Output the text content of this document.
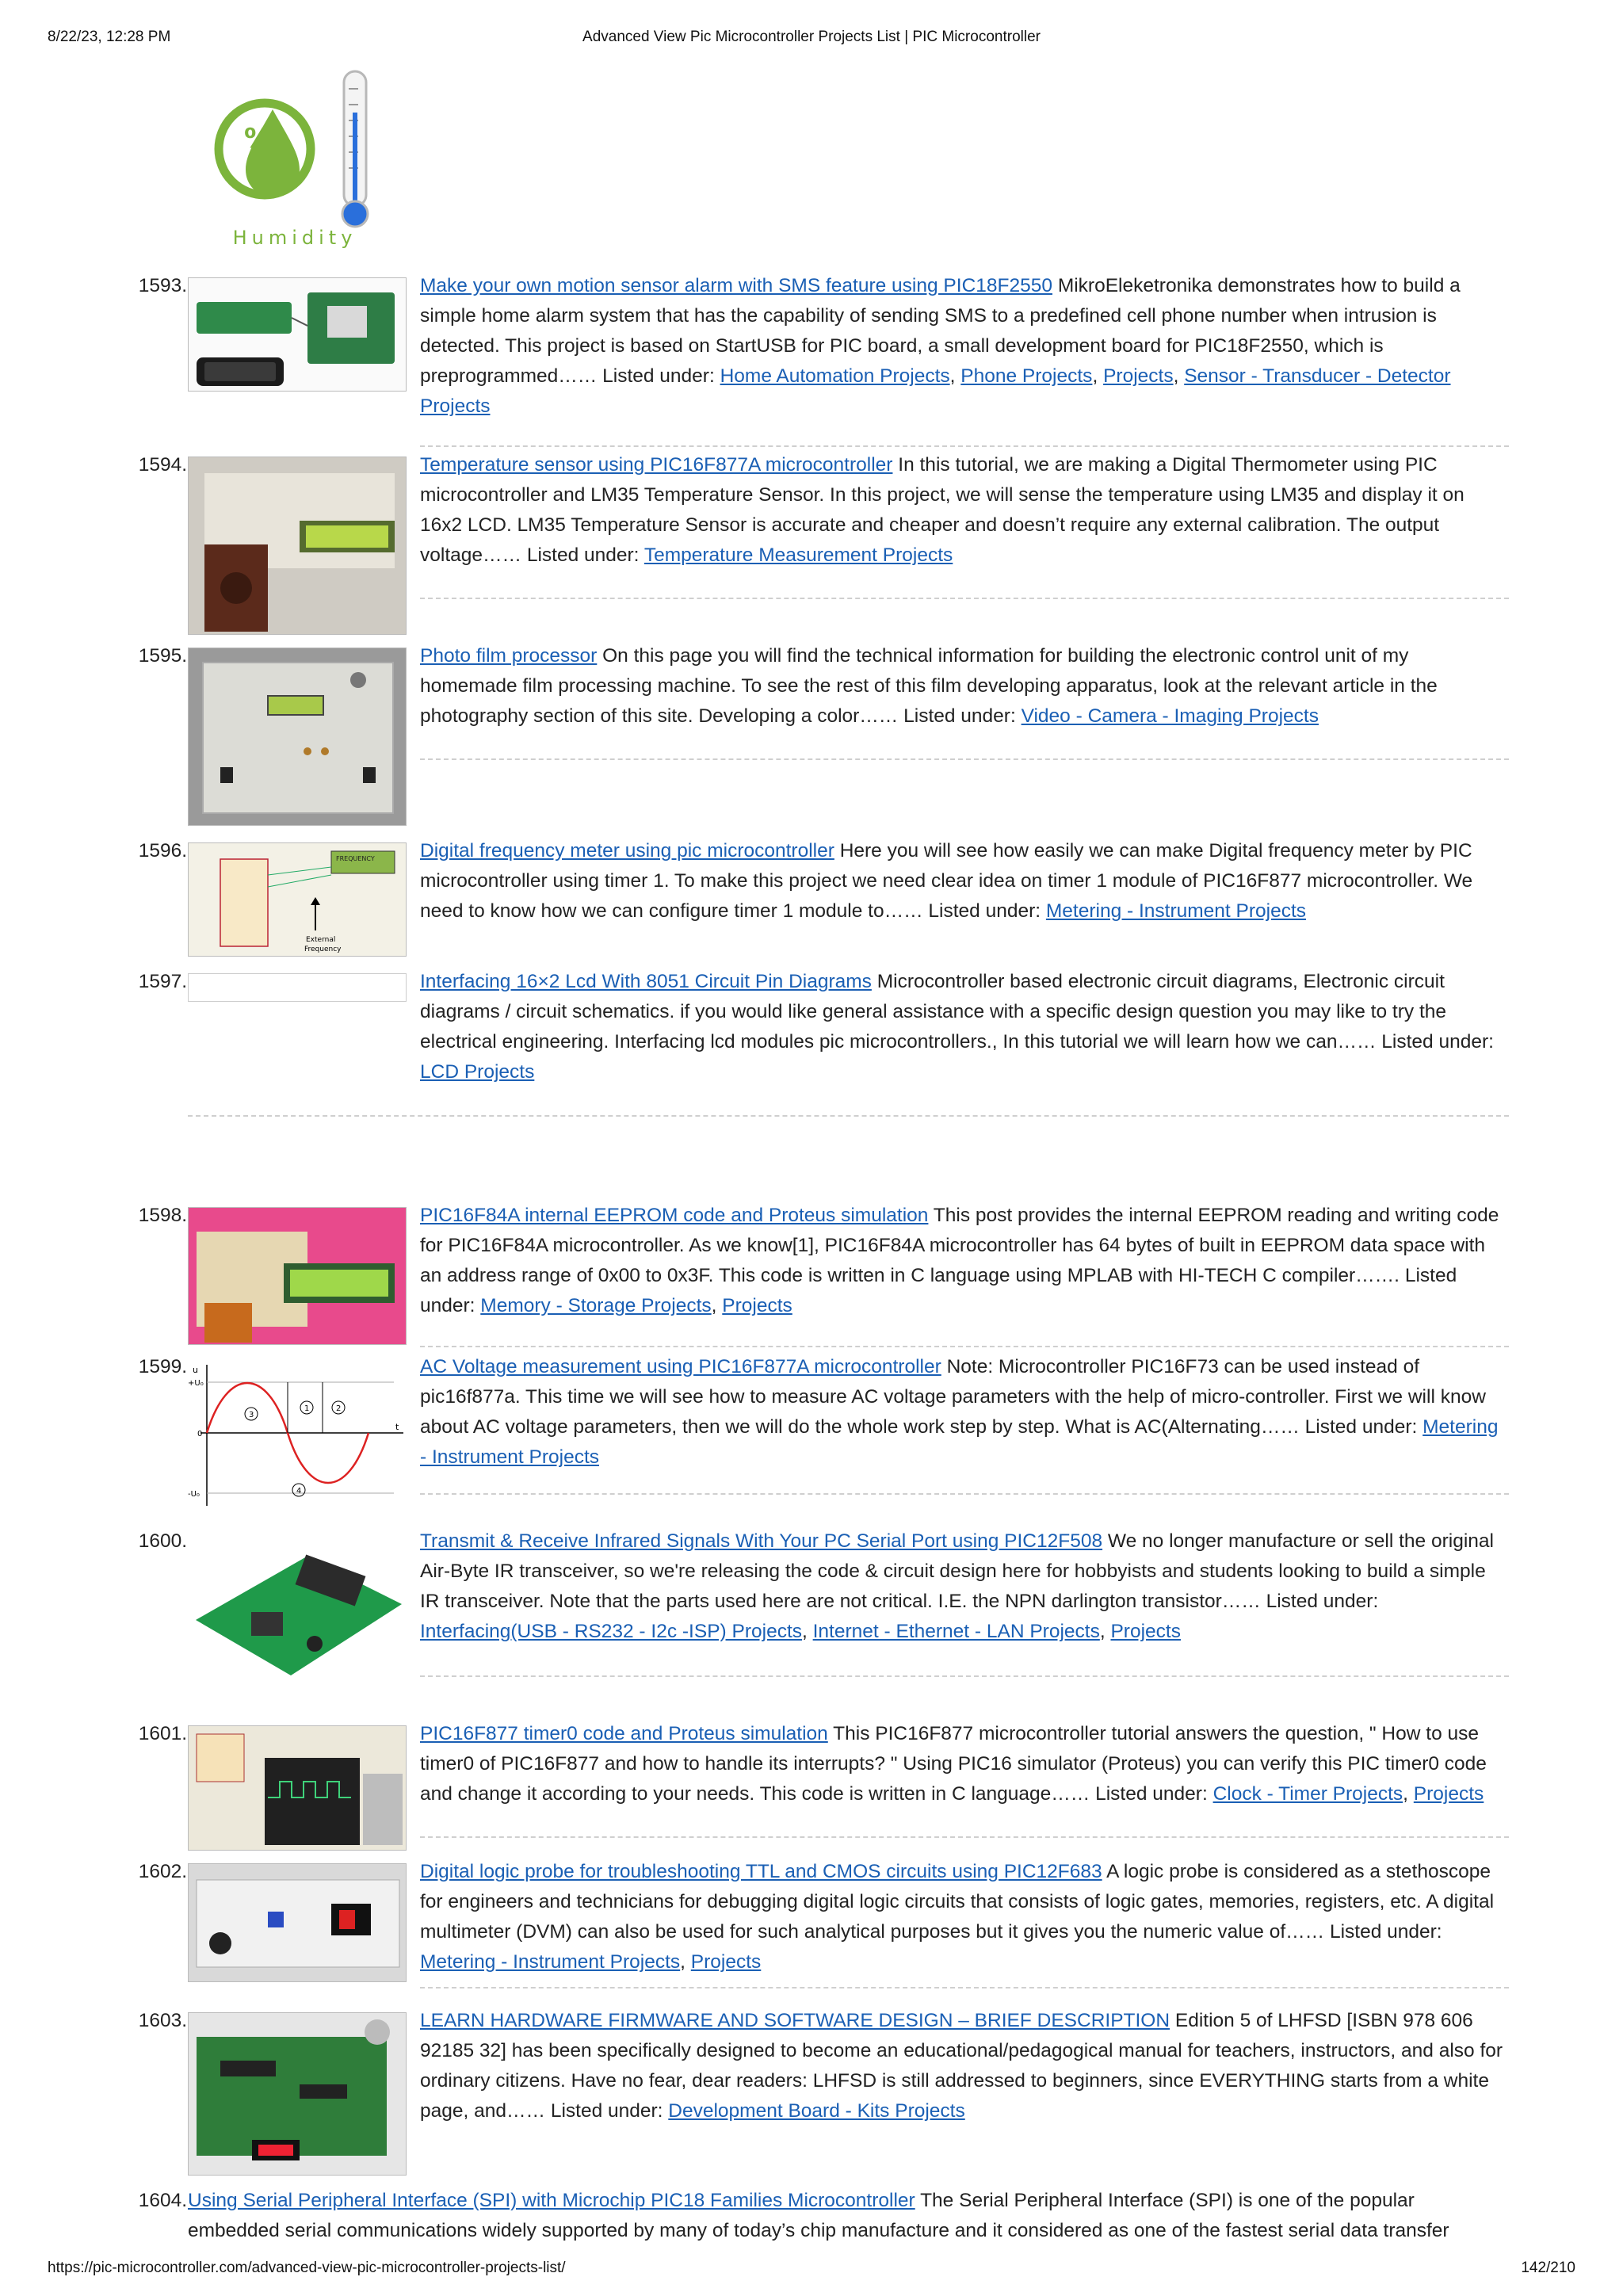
8/22/23, 12:28 PM	Advanced View Pic Microcontroller Projects List | PIC Microcontroller
%
Humidity
1593.	Make your own motion sensor alarm with SMS feature using PIC18F2550 MikroEleketronika demonstrates how to build a simple home alarm system that has the capability of sending SMS to a predefined cell phone number when intrusion is detected. This project is based on StartUSB for PIC board, a small development board for PIC18F2550, which is preprogrammed…… Listed under: Home Automation Projects, Phone Projects, Projects, Sensor - Transducer - Detector Projects
1594.	Temperature sensor using PIC16F877A microcontroller In this tutorial, we are making a Digital Thermometer using PIC microcontroller and LM35 Temperature Sensor. In this project, we will sense the temperature using LM35 and display it on 16x2 LCD. LM35 Temperature Sensor is accurate and cheaper and doesn’t require any external calibration. The output voltage…… Listed under: Temperature Measurement Projects
1595.	Photo film processor On this page you will find the technical information for building the electronic control unit of my homemade film processing machine. To see the rest of this film developing apparatus, look at the relevant article in the photography section of this site. Developing a color…… Listed under: Video - Camera - Imaging Projects
1596.	FREQUENCY
External
Frequency
Digital frequency meter using pic microcontroller Here you will see how easily we can make Digital frequency meter by PIC microcontroller using timer 1. To make this project we need clear idea on timer 1 module of PIC16F877 microcontroller. We need to know how we can configure timer 1 module to…… Listed under: Metering - Instrument Projects
1597.	Interfacing 16×2 Lcd With 8051 Circuit Pin Diagrams Microcontroller based electronic circuit diagrams, Electronic circuit diagrams / circuit schematics. if you would like general assistance with a specific design question you may like to try the electrical engineering. Interfacing lcd modules pic microcontrollers., In this tutorial we will learn how we can…… Listed under: LCD Projects
1598.	PIC16F84A internal EEPROM code and Proteus simulation This post provides the internal EEPROM reading and writing code for PIC16F84A microcontroller. As we know[1], PIC16F84A microcontroller has 64 bytes of built in EEPROM data space with an address range of 0x00 to 0x3F. This code is written in C language using MPLAB with HI-TECH C compiler……. Listed under: Memory - Storage Projects, Projects
1599. u
+U₀
0
-U₀
t
1	2
3
4
AC Voltage measurement using PIC16F877A microcontroller Note: Microcontroller PIC16F73 can be used instead of pic16f877a. This time we will see how to measure AC voltage parameters with the help of micro-controller. First we will know about AC voltage parameters, then we will do the whole work step by step. What is AC(Alternating…… Listed under: Metering - Instrument Projects
1600.	Transmit & Receive Infrared Signals With Your PC Serial Port using PIC12F508 We no longer manufacture or sell the original Air-Byte IR transceiver, so we're releasing the code & circuit design here for hobbyists and students looking to build a simple IR transceiver. Note that the parts used here are not critical. I.E. the NPN darlington transistor…… Listed under: Interfacing(USB - RS232 - I2c -ISP) Projects, Internet - Ethernet - LAN Projects, Projects
1601.	PIC16F877 timer0 code and Proteus simulation This PIC16F877 microcontroller tutorial answers the question, " How to use timer0 of PIC16F877 and how to handle its interrupts? " Using PIC16 simulator (Proteus) you can verify this PIC timer0 code and change it according to your needs. This code is written in C language…… Listed under: Clock - Timer Projects, Projects
1602.	Digital logic probe for troubleshooting TTL and CMOS circuits using PIC12F683 A logic probe is considered as a stethoscope for engineers and technicians for debugging digital logic circuits that consists of logic gates, memories, registers, etc. A digital multimeter (DVM) can also be used for such analytical purposes but it gives you the numeric value of…… Listed under: Metering - Instrument Projects, Projects
1603.	LEARN HARDWARE FIRMWARE AND SOFTWARE DESIGN – BRIEF DESCRIPTION Edition 5 of LHFSD [ISBN 978 606 92185 32] has been specifically designed to become an educational/pedagogical manual for teachers, instructors, and also for ordinary citizens. Have no fear, dear readers: LHFSD is still addressed to beginners, since EVERYTHING starts from a white page, and…… Listed under: Development Board - Kits Projects
1604. Using Serial Peripheral Interface (SPI) with Microchip PIC18 Families Microcontroller The Serial Peripheral Interface (SPI) is one of the popular embedded serial communications widely supported by many of today’s chip manufacture and it considered as one of the fastest serial data transfer
https://pic-microcontroller.com/advanced-view-pic-microcontroller-projects-list/	142/210
